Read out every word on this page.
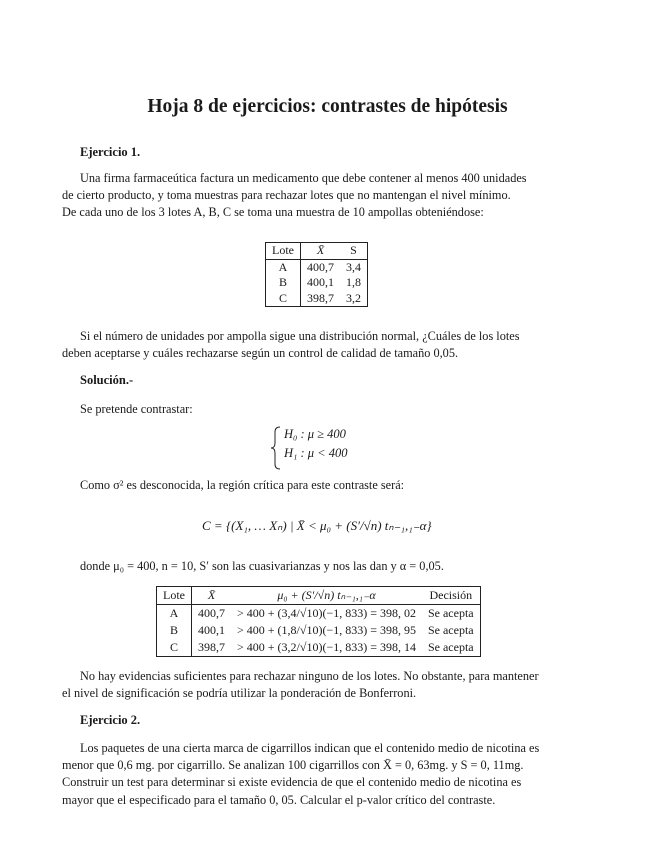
Hoja 8 de ejercicios: contrastes de hipótesis
Ejercicio 1.
Una firma farmaceútica factura un medicamento que debe contener al menos 400 unidades
de cierto producto, y toma muestras para rechazar lotes que no mantengan el nivel mínimo.
De cada uno de los 3 lotes A, B, C se toma una muestra de 10 ampollas obteniéndose:
Lote	X̄	S
A	400,7	3,4
B	400,1	1,8
C	398,7	3,2
Si el número de unidades por ampolla sigue una distribución normal, ¿Cuáles de los lotes
deben aceptarse y cuáles rechazarse según un control de calidad de tamaño 0,05.
Solución.-
Se pretende contrastar:
H₀ : μ ≥ 400
H₁ : μ < 400
Como σ² es desconocida, la región crítica para este contraste será:
C = {(X₁, … Xₙ) | X̄ < μ₀ + (S′/√n) tₙ₋₁,₁₋α}
donde μ₀ = 400, n = 10, S′ son las cuasivarianzas y nos las dan y α = 0,05.
Lote	X̄	μ₀ + (S′/√n) tₙ₋₁,₁₋α	Decisión
A	400,7	> 400 + (3,4/√10)(−1, 833) = 398, 02	Se acepta
B	400,1	> 400 + (1,8/√10)(−1, 833) = 398, 95	Se acepta
C	398,7	> 400 + (3,2/√10)(−1, 833) = 398, 14	Se acepta
No hay evidencias suficientes para rechazar ninguno de los lotes. No obstante, para mantener
el nivel de significación se podría utilizar la ponderación de Bonferroni.
Ejercicio 2.
Los paquetes de una cierta marca de cigarrillos indican que el contenido medio de nicotina es
menor que 0,6 mg. por cigarrillo. Se analizan 100 cigarrillos con X̄ = 0, 63mg. y S = 0, 11mg.
Construir un test para determinar si existe evidencia de que el contenido medio de nicotina es
mayor que el especificado para el tamaño 0, 05. Calcular el p-valor crítico del contraste.
